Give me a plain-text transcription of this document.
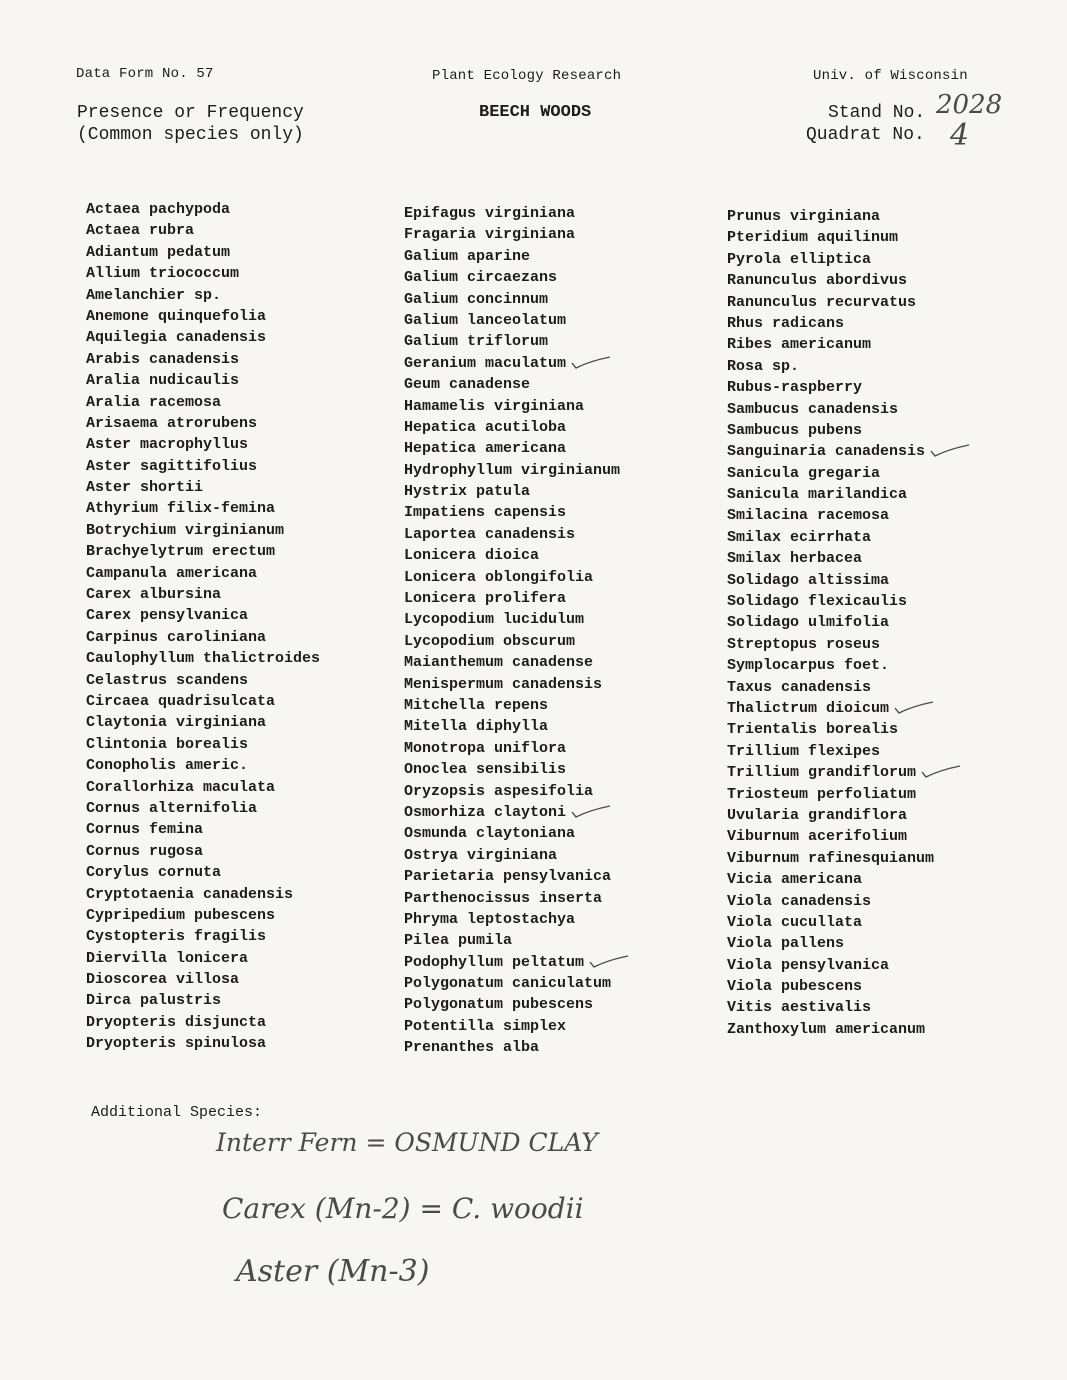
Data Form No. 57	Plant Ecology Research	Univ. of Wisconsin
Presence or Frequency
(Common species only)
BEECH WOODS	Stand No. 2028
Quadrat No. 4
Actaea pachypoda
Actaea rubra
Adiantum pedatum
Allium triococcum
Amelanchier sp.
Anemone quinquefolia
Aquilegia canadensis
Arabis canadensis
Aralia nudicaulis
Aralia racemosa
Arisaema atrorubens
Aster macrophyllus
Aster sagittifolius
Aster shortii
Athyrium filix-femina
Botrychium virginianum
Brachyelytrum erectum
Campanula americana
Carex albursina
Carex pensylvanica
Carpinus caroliniana
Caulophyllum thalictroides
Celastrus scandens
Circaea quadrisulcata
Claytonia virginiana
Clintonia borealis
Conopholis americ.
Corallorhiza maculata
Cornus alternifolia
Cornus femina
Cornus rugosa
Corylus cornuta
Cryptotaenia canadensis
Cypripedium pubescens
Cystopteris fragilis
Diervilla lonicera
Dioscorea villosa
Dirca palustris
Dryopteris disjuncta
Dryopteris spinulosa
Epifagus virginiana
Fragaria virginiana
Galium aparine
Galium circaezans
Galium concinnum
Galium lanceolatum
Galium triflorum
Geranium maculatum
Geum canadense
Hamamelis virginiana
Hepatica acutiloba
Hepatica americana
Hydrophyllum virginianum
Hystrix patula
Impatiens capensis
Laportea canadensis
Lonicera dioica
Lonicera oblongifolia
Lonicera prolifera
Lycopodium lucidulum
Lycopodium obscurum
Maianthemum canadense
Menispermum canadensis
Mitchella repens
Mitella diphylla
Monotropa uniflora
Onoclea sensibilis
Oryzopsis aspesifolia
Osmorhiza claytoni
Osmunda claytoniana
Ostrya virginiana
Parietaria pensylvanica
Parthenocissus inserta
Phryma leptostachya
Pilea pumila
Podophyllum peltatum
Polygonatum caniculatum
Polygonatum pubescens
Potentilla simplex
Prenanthes alba
Prunus virginiana
Pteridium aquilinum
Pyrola elliptica
Ranunculus abordivus
Ranunculus recurvatus
Rhus radicans
Ribes americanum
Rosa sp.
Rubus-raspberry
Sambucus canadensis
Sambucus pubens
Sanguinaria canadensis
Sanicula gregaria
Sanicula marilandica
Smilacina racemosa
Smilax ecirrhata
Smilax herbacea
Solidago altissima
Solidago flexicaulis
Solidago ulmifolia
Streptopus roseus
Symplocarpus foet.
Taxus canadensis
Thalictrum dioicum
Trientalis borealis
Trillium flexipes
Trillium grandiflorum
Triosteum perfoliatum
Uvularia grandiflora
Viburnum acerifolium
Viburnum rafinesquianum
Vicia americana
Viola canadensis
Viola cucullata
Viola pallens
Viola pensylvanica
Viola pubescens
Vitis aestivalis
Zanthoxylum americanum
Additional Species:
Interr Fern = OSMUND CLAY
Carex (Mn-2) = C. woodii
Aster (Mn-3)
